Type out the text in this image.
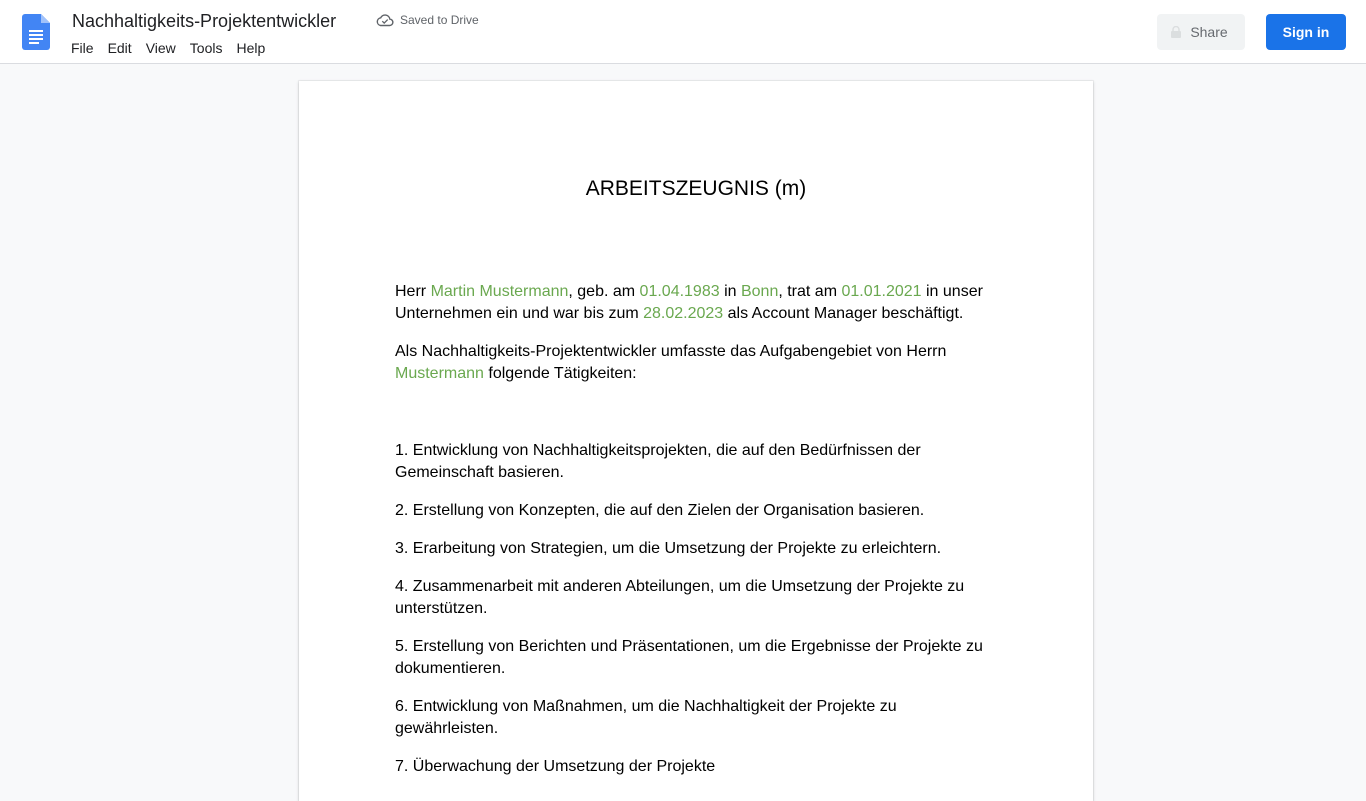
Nachhaltigkeits-Projektentwickler	Saved to Drive
File	Edit	View	Tools	Help
Share	Sign in
ARBEITSZEUGNIS (m)

Herr Martin Mustermann, geb. am 01.04.1983 in Bonn, trat am 01.01.2021 in unser Unternehmen ein und war bis zum 28.02.2023 als Account Manager beschäftigt.

Als Nachhaltigkeits-Projektentwickler umfasste das Aufgabengebiet von Herrn Mustermann folgende Tätigkeiten:

1. Entwicklung von Nachhaltigkeitsprojekten, die auf den Bedürfnissen der Gemeinschaft basieren.

2. Erstellung von Konzepten, die auf den Zielen der Organisation basieren.

3. Erarbeitung von Strategien, um die Umsetzung der Projekte zu erleichtern.

4. Zusammenarbeit mit anderen Abteilungen, um die Umsetzung der Projekte zu unterstützen.

5. Erstellung von Berichten und Präsentationen, um die Ergebnisse der Projekte zu dokumentieren.

6. Entwicklung von Maßnahmen, um die Nachhaltigkeit der Projekte zu gewährleisten.

7. Überwachung der Umsetzung der Projekte
